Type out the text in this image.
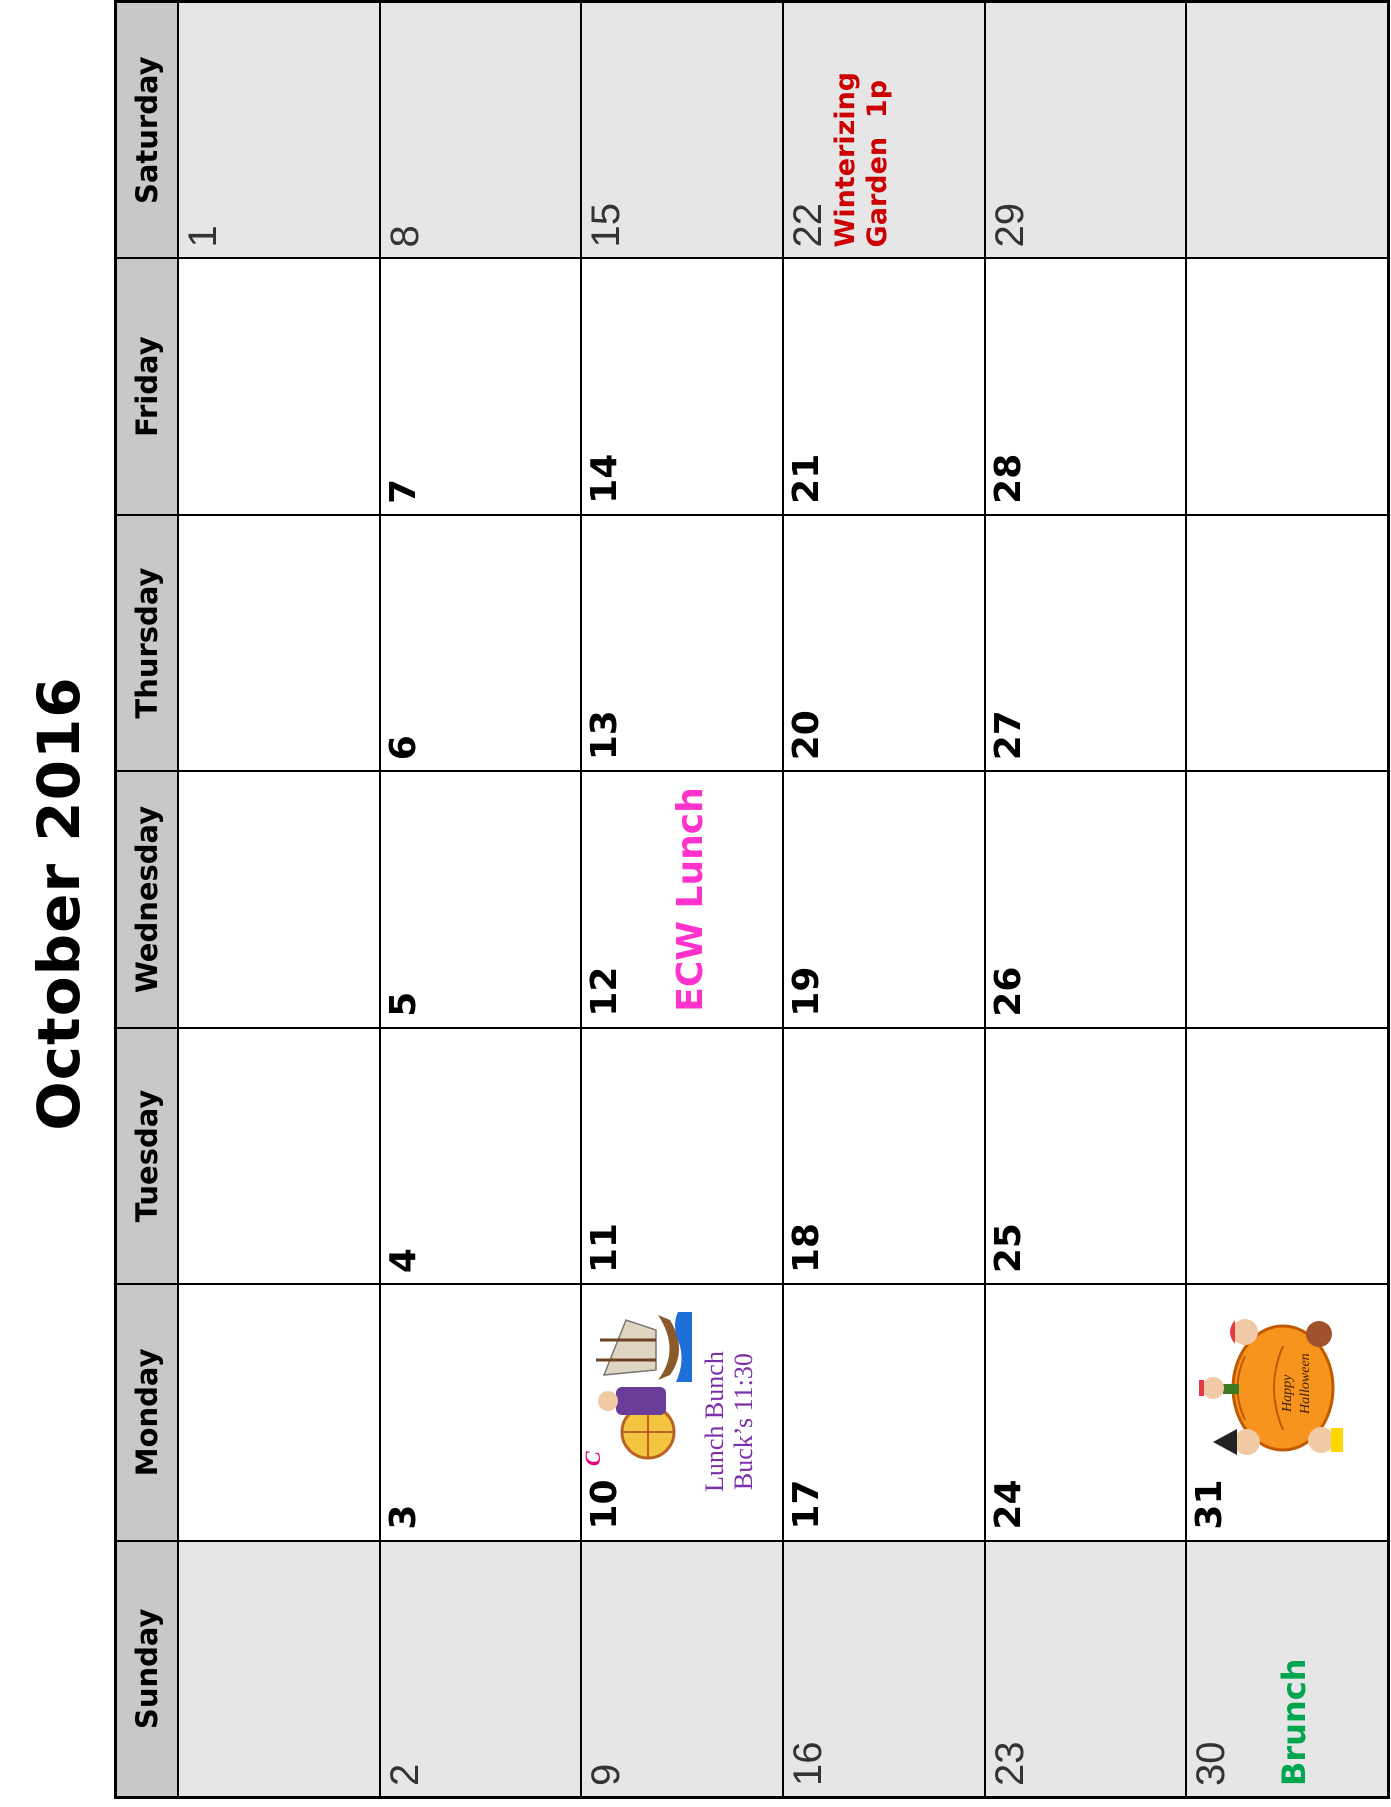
October 2016
Sunday
Monday
Tuesday
Wednesday
Thursday
Friday
Saturday
1
2
3
4
5
6
7
8
9
10
C	Lunch Bunch Buck’s 11:30
11
12 ECW Lunch
13
14
15
16
17
18
19
20
21
22 Winterizing
Garden  1p
23
24
25
26
27
28
29
30 Brunch
31
Happy Halloween
